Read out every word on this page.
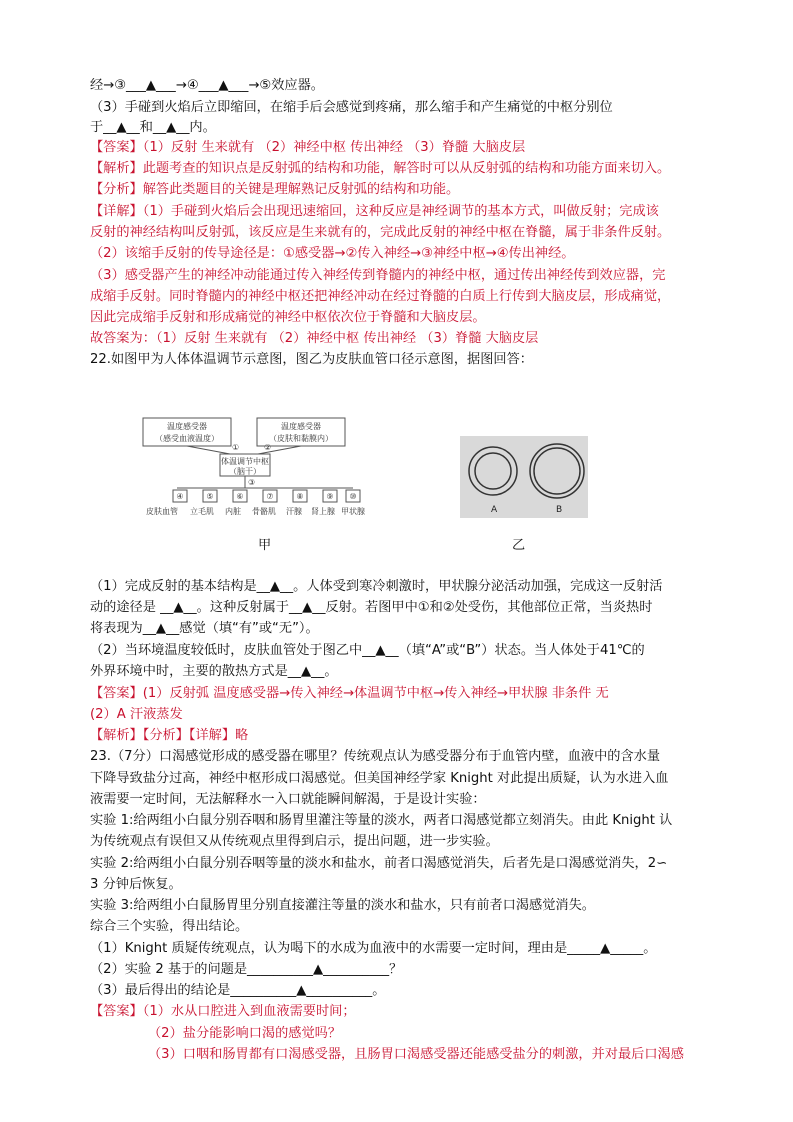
经→③___▲___→④___▲___→⑤效应器。
（3）手碰到火焰后立即缩回，在缩手后会感觉到疼痛，那么缩手和产生痛觉的中枢分别位
于__▲__和__▲__内。
【答案】（1）反射 生来就有 （2）神经中枢 传出神经 （3）脊髓 大脑皮层
【解析】此题考查的知识点是反射弧的结构和功能，解答时可以从反射弧的结构和功能方面来切入。
【分析】解答此类题目的关键是理解熟记反射弧的结构和功能。
【详解】（1）手碰到火焰后会出现迅速缩回，这种反应是神经调节的基本方式，叫做反射；完成该
反射的神经结构叫反射弧，该反应是生来就有的，完成此反射的神经中枢在脊髓，属于非条件反射。
（2）该缩手反射的传导途径是：①感受器→②传入神经→③神经中枢→④传出神经。
（3）感受器产生的神经冲动能通过传入神经传到脊髓内的神经中枢，通过传出神经传到效应器，完
成缩手反射。同时脊髓内的神经中枢还把神经冲动在经过脊髓的白质上行传到大脑皮层，形成痛觉，
因此完成缩手反射和形成痛觉的神经中枢依次位于脊髓和大脑皮层。
故答案为：（1）反射 生来就有 （2）神经中枢 传出神经 （3）脊髓 大脑皮层
22.如图甲为人体体温调节示意图，图乙为皮肤血管口径示意图，据图回答：
温度感受器
（感受血液温度）
温度感受器
（皮肤和黏膜内）
①	②
体温调节中枢
（脑干）
③
④	⑤	⑥	⑦	⑧	⑨ ⑩
皮肤血管 立毛肌 内脏 骨骼肌 汗腺 肾上腺 甲状腺
甲
A	B
乙
（1）完成反射的基本结构是__▲__。人体受到寒冷刺激时，甲状腺分泌活动加强，完成这一反射活
动的途径是 __▲__。这种反射属于__▲__反射。若图甲中①和②处受伤，其他部位正常，当炎热时
将表现为__▲__感觉（填“有”或“无”）。
（2）当环境温度较低时，皮肤血管处于图乙中__▲__（填“A”或“B”）状态。当人体处于41℃的
外界环境中时，主要的散热方式是__▲__。
【答案】(1）反射弧 温度感受器→传入神经→体温调节中枢→传入神经→甲状腺 非条件 无
(2）A 汗液蒸发
【解析】【分析】【详解】略
23.（7分）口渴感觉形成的感受器在哪里？传统观点认为感受器分布于血管内壁，血液中的含水量
下降导致盐分过高，神经中枢形成口渴感觉。但美国神经学家 Knight 对此提出质疑，认为水进入血
液需要一定时间，无法解释水一入口就能瞬间解渴，于是设计实验：
实验 1:给两组小白鼠分别吞咽和肠胃里灌注等量的淡水，两者口渴感觉都立刻消失。由此 Knight 认
为传统观点有误但又从传统观点里得到启示，提出问题，进一步实验。
实验 2:给两组小白鼠分别吞咽等量的淡水和盐水，前者口渴感觉消失，后者先是口渴感觉消失，2∽
3 分钟后恢复。
实验 3:给两组小白鼠肠胃里分别直接灌注等量的淡水和盐水，只有前者口渴感觉消失。
综合三个实验，得出结论。
（1）Knight 质疑传统观点，认为喝下的水成为血液中的水需要一定时间，理由是_____▲_____。
（2）实验 2 基于的问题是__________▲__________？
（3）最后得出的结论是__________▲__________。
【答案】（1）水从口腔进入到血液需要时间；
（2）盐分能影响口渴的感觉吗？
（3）口咽和肠胃都有口渴感受器，且肠胃口渴感受器还能感受盐分的刺激，并对最后口渴感
